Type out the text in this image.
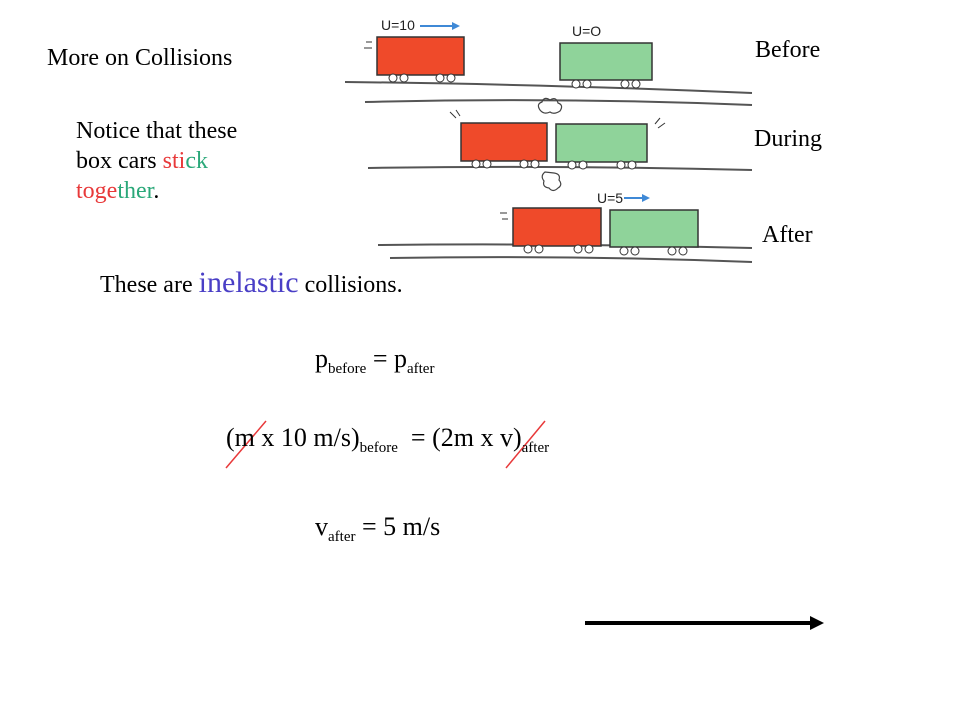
U=10	U=O
U=5
More on Collisions	Before
During
After
Notice that these
box cars stick
together.
These are inelastic collisions.
$p_{before} = p_{after}$
(m x 10 $m/s)_{before} = (2m$ x $v)_{after}$
$v_{after} = 5$ m/s
